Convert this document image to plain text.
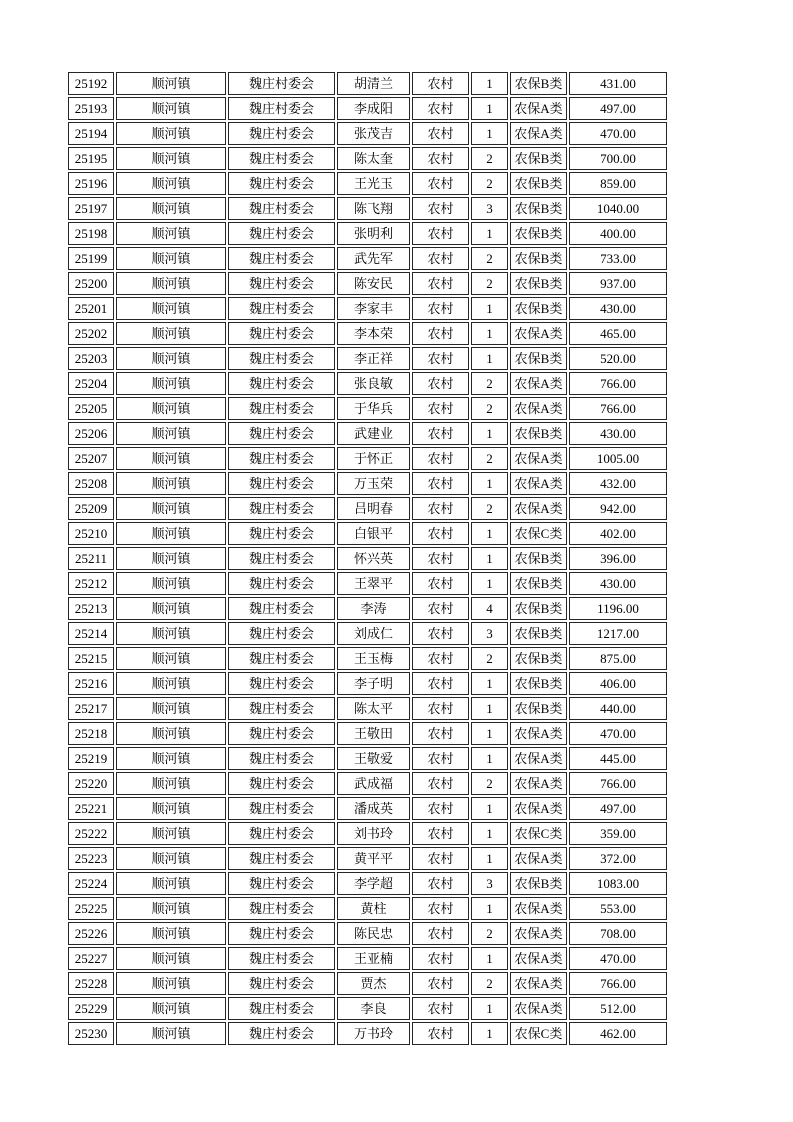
25192	顺河镇	魏庄村委会	胡清兰	农村	1	农保B类	431.00
25193	顺河镇	魏庄村委会	李成阳	农村	1	农保A类	497.00
25194	顺河镇	魏庄村委会	张茂吉	农村	1	农保A类	470.00
25195	顺河镇	魏庄村委会	陈太奎	农村	2	农保B类	700.00
25196	顺河镇	魏庄村委会	王光玉	农村	2	农保B类	859.00
25197	顺河镇	魏庄村委会	陈飞翔	农村	3	农保B类	1040.00
25198	顺河镇	魏庄村委会	张明利	农村	1	农保B类	400.00
25199	顺河镇	魏庄村委会	武先军	农村	2	农保B类	733.00
25200	顺河镇	魏庄村委会	陈安民	农村	2	农保B类	937.00
25201	顺河镇	魏庄村委会	李家丰	农村	1	农保B类	430.00
25202	顺河镇	魏庄村委会	李本荣	农村	1	农保A类	465.00
25203	顺河镇	魏庄村委会	李正祥	农村	1	农保B类	520.00
25204	顺河镇	魏庄村委会	张良敏	农村	2	农保A类	766.00
25205	顺河镇	魏庄村委会	于华兵	农村	2	农保A类	766.00
25206	顺河镇	魏庄村委会	武建业	农村	1	农保B类	430.00
25207	顺河镇	魏庄村委会	于怀正	农村	2	农保A类	1005.00
25208	顺河镇	魏庄村委会	万玉荣	农村	1	农保A类	432.00
25209	顺河镇	魏庄村委会	吕明春	农村	2	农保A类	942.00
25210	顺河镇	魏庄村委会	白银平	农村	1	农保C类	402.00
25211	顺河镇	魏庄村委会	怀兴英	农村	1	农保B类	396.00
25212	顺河镇	魏庄村委会	王翠平	农村	1	农保B类	430.00
25213	顺河镇	魏庄村委会	李涛	农村	4	农保B类	1196.00
25214	顺河镇	魏庄村委会	刘成仁	农村	3	农保B类	1217.00
25215	顺河镇	魏庄村委会	王玉梅	农村	2	农保B类	875.00
25216	顺河镇	魏庄村委会	李子明	农村	1	农保B类	406.00
25217	顺河镇	魏庄村委会	陈太平	农村	1	农保B类	440.00
25218	顺河镇	魏庄村委会	王敬田	农村	1	农保A类	470.00
25219	顺河镇	魏庄村委会	王敬爱	农村	1	农保A类	445.00
25220	顺河镇	魏庄村委会	武成福	农村	2	农保A类	766.00
25221	顺河镇	魏庄村委会	潘成英	农村	1	农保A类	497.00
25222	顺河镇	魏庄村委会	刘书玲	农村	1	农保C类	359.00
25223	顺河镇	魏庄村委会	黄平平	农村	1	农保A类	372.00
25224	顺河镇	魏庄村委会	李学超	农村	3	农保B类	1083.00
25225	顺河镇	魏庄村委会	黄柱	农村	1	农保A类	553.00
25226	顺河镇	魏庄村委会	陈民忠	农村	2	农保A类	708.00
25227	顺河镇	魏庄村委会	王亚楠	农村	1	农保A类	470.00
25228	顺河镇	魏庄村委会	贾杰	农村	2	农保A类	766.00
25229	顺河镇	魏庄村委会	李良	农村	1	农保A类	512.00
25230	顺河镇	魏庄村委会	万书玲	农村	1	农保C类	462.00
